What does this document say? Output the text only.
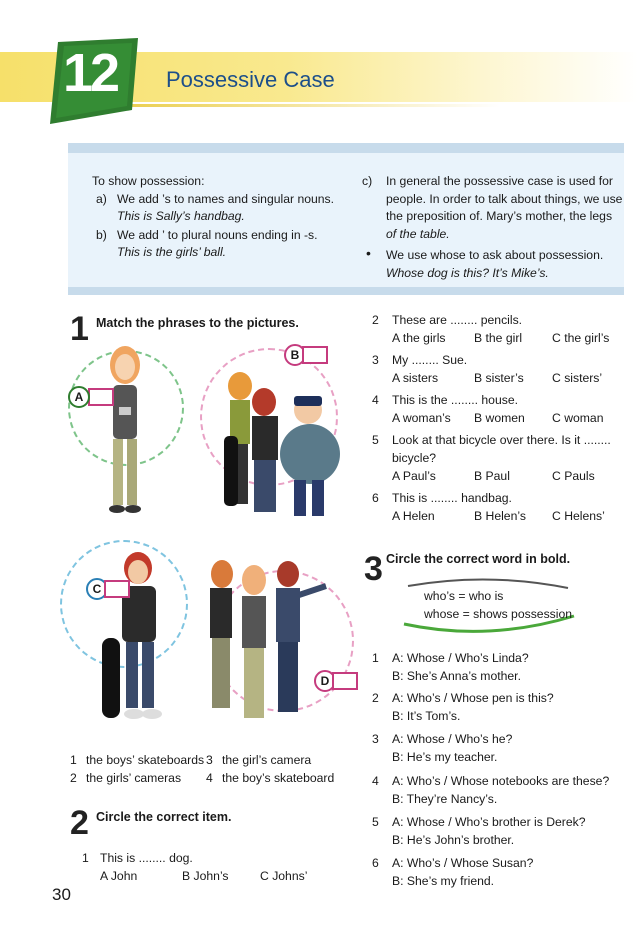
12	Possessive Case
To show possession:
a) We add ’s to names and singular nouns.
This is Sally’s handbag.
b) We add ’ to plural nouns ending in -s.
This is the girls’ ball.
c) In general the possessive case is used for
people. In order to talk about things, we use
the preposition of. Mary’s mother, the legs
of the table.
• We use whose to ask about possession.
Whose dog is this? It’s Mike’s.
1 Match the phrases to the pictures.
A
B
C
D
1 the boys’ skateboards 3 the girl’s camera
2 the girls’ cameras 4 the boy’s skateboard
2 Circle the correct item.
1 This is ........ dog.
A John	B John’s	C Johns’
2 These are ........ pencils.
A the girls B the girl C the girl’s
3 My ........ Sue.
A sisters	B sister’s C sisters’
4 This is the ........ house.
A woman’s B women C woman
5 Look at that bicycle over there. Is it ........
bicycle?
A Paul’s	B Paul	C Pauls
6 This is ........ handbag.
A Helen	B Helen’s C Helens’
3 Circle the correct word in bold.
who’s = who is
whose = shows possession
1 A: Whose / Who’s Linda?
B: She’s Anna’s mother.
2 A: Who’s / Whose pen is this?
B: It’s Tom’s.
3 A: Whose / Who’s he?
B: He’s my teacher.
4 A: Who’s / Whose notebooks are these?
B: They’re Nancy’s.
5 A: Whose / Who’s brother is Derek?
B: He’s John’s brother.
6 A: Who’s / Whose Susan?
B: She’s my friend.
30
